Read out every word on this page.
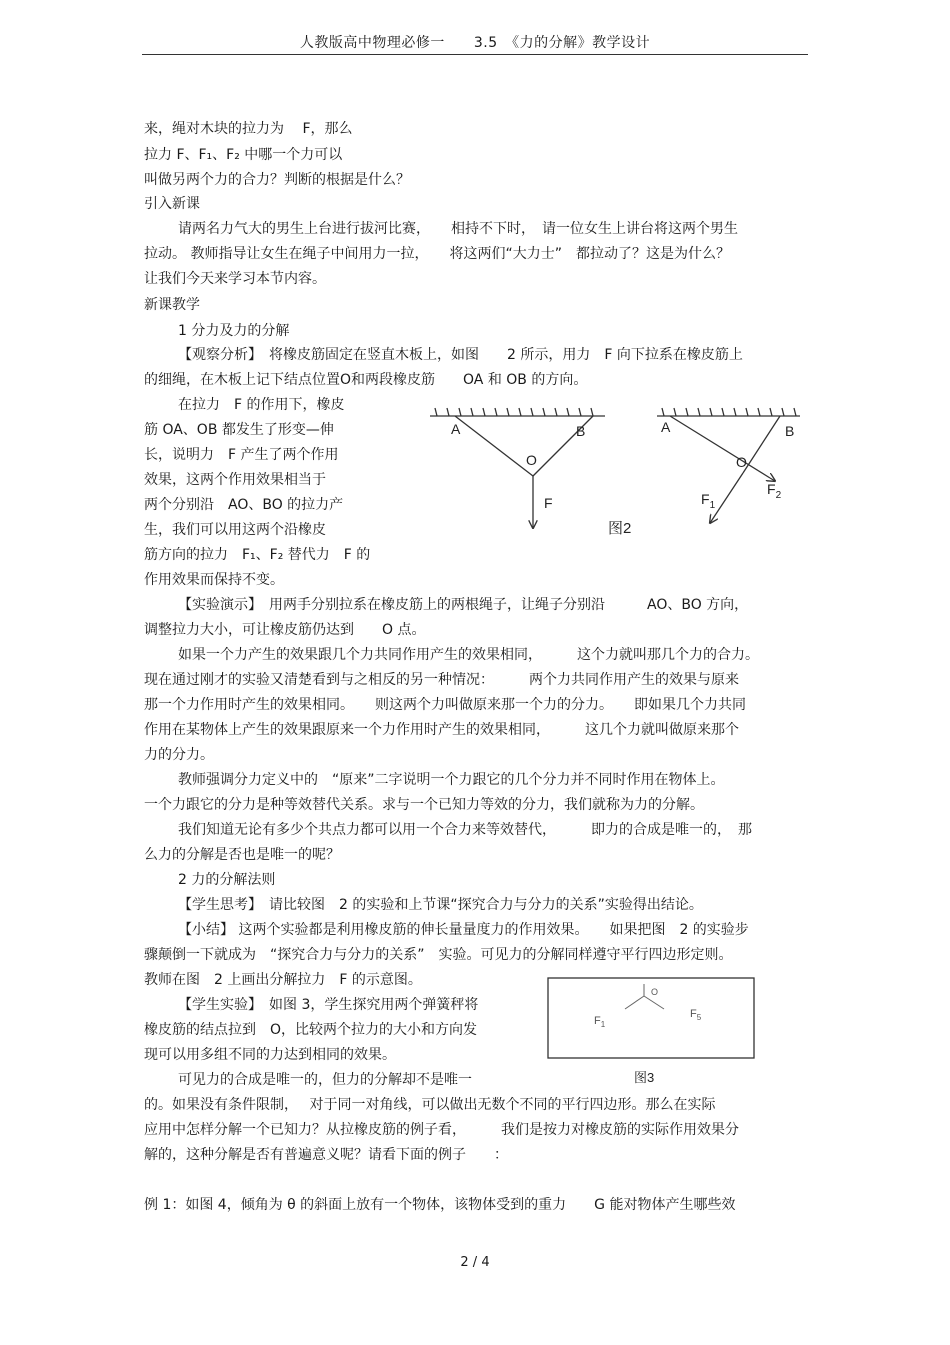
人教版高中物理必修一　　3.5　《力的分解》教学设计
来，绳对木块的拉力为　 F，那么
拉力 F、F₁、F₂ 中哪一个力可以
叫做另两个力的合力？判断的根据是什么？
引入新课
请两名力气大的男生上台进行拔河比赛，　　相持不下时，　请一位女生上讲台将这两个男生
拉动。 教师指导让女生在绳子中间用力一拉，　　将这两们“大力士”　都拉动了？这是为什么？
让我们今天来学习本节内容。
新课教学
1 分力及力的分解
【观察分析】　将橡皮筋固定在竖直木板上，如图　　2 所示，用力　F 向下拉系在橡皮筋上
的细绳，在木板上记下结点位置O和两段橡皮筋　　OA 和 OB 的方向。
在拉力　F 的作用下，橡皮
筋 OA、OB 都发生了形变—伸
长，说明力　F 产生了两个作用
效果，这两个作用效果相当于
两个分别沿　AO、BO 的拉力产
生，我们可以用这两个沿橡皮
筋方向的拉力　F₁、F₂ 替代力　F 的
作用效果而保持不变。
【实验演示】　用两手分别拉系在橡皮筋上的两根绳子，让绳子分别沿　　　AO、BO 方向，
调整拉力大小，可让橡皮筋仍达到　　O 点。
如果一个力产生的效果跟几个力共同作用产生的效果相同，　　　这个力就叫那几个力的合力。
现在通过刚才的实验又清楚看到与之相反的另一种情况：　　　两个力共同作用产生的效果与原来
那一个力作用时产生的效果相同。　　则这两个力叫做原来那一个力的分力。　　即如果几个力共同
作用在某物体上产生的效果跟原来一个力作用时产生的效果相同，　　　这几个力就叫做原来那个
力的分力。
教师强调分力定义中的　“原来”二字说明一个力跟它的几个分力并不同时作用在物体上。
一个力跟它的分力是种等效替代关系。求与一个已知力等效的分力，我们就称为力的分解。
我们知道无论有多少个共点力都可以用一个合力来等效替代，　　　即力的合成是唯一的，　那
么力的分解是否也是唯一的呢？
2 力的分解法则
【学生思考】　请比较图　2 的实验和上节课“探究合力与分力的关系”实验得出结论。
【小结】 这两个实验都是利用橡皮筋的伸长量量度力的作用效果。　　如果把图　2 的实验步
骤颠倒一下就成为　“探究合力与分力的关系”　实验。可见力的分解同样遵守平行四边形定则。
教师在图　2 上画出分解拉力　F 的示意图。
【学生实验】　如图 3，学生探究用两个弹簧秤将
橡皮筋的结点拉到　O，比较两个拉力的大小和方向发
现可以用多组不同的力达到相同的效果。
可见力的合成是唯一的，但力的分解却不是唯一
的。如果没有条件限制，　 对于同一对角线，可以做出无数个不同的平行四边形。那么在实际
应用中怎样分解一个已知力？从拉橡皮筋的例子看，　　　我们是按力对橡皮筋的实际作用效果分
解的，这种分解是否有普遍意义呢？请看下面的例子　　：
例 1：如图 4，倾角为 θ 的斜面上放有一个物体，该物体受到的重力　　G 能对物体产生哪些效
A	B
O
F
A	B
O
$F_1$
$F_2$
图2
O
$F_1$
$F_5$
图3
2 / 4
